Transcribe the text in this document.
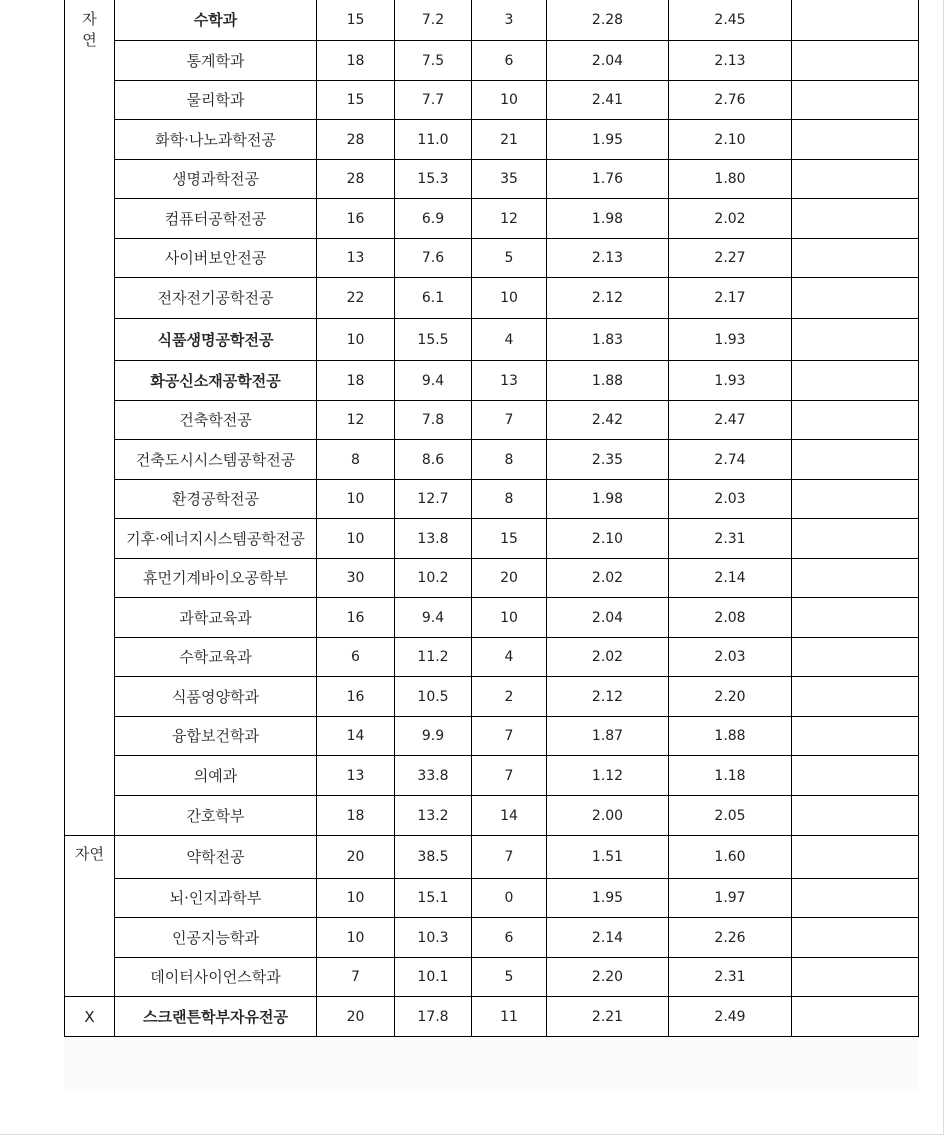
자
연	수학과	15	7.2	3	2.28	2.45	
	통계학과	18	7.5	6	2.04	2.13	
	물리학과	15	7.7	10	2.41	2.76	
	화학·나노과학전공	28	11.0	21	1.95	2.10	
	생명과학전공	28	15.3	35	1.76	1.80	
	컴퓨터공학전공	16	6.9	12	1.98	2.02	
	사이버보안전공	13	7.6	5	2.13	2.27	
	전자전기공학전공	22	6.1	10	2.12	2.17	
	식품생명공학전공	10	15.5	4	1.83	1.93	
	화공신소재공학전공	18	9.4	13	1.88	1.93	
	건축학전공	12	7.8	7	2.42	2.47	
	건축도시시스템공학전공	8	8.6	8	2.35	2.74	
	환경공학전공	10	12.7	8	1.98	2.03	
	기후·에너지시스템공학전공	10	13.8	15	2.10	2.31	
	휴먼기계바이오공학부	30	10.2	20	2.02	2.14	
	과학교육과	16	9.4	10	2.04	2.08	
	수학교육과	6	11.2	4	2.02	2.03	
	식품영양학과	16	10.5	2	2.12	2.20	
	융합보건학과	14	9.9	7	1.87	1.88	
	의예과	13	33.8	7	1.12	1.18	
	간호학부	18	13.2	14	2.00	2.05	
자연	약학전공	20	38.5	7	1.51	1.60	
	뇌·인지과학부	10	15.1	0	1.95	1.97	
	인공지능학과	10	10.3	6	2.14	2.26	
	데이터사이언스학과	7	10.1	5	2.20	2.31	
X	스크랜튼학부자유전공	20	17.8	11	2.21	2.49	
